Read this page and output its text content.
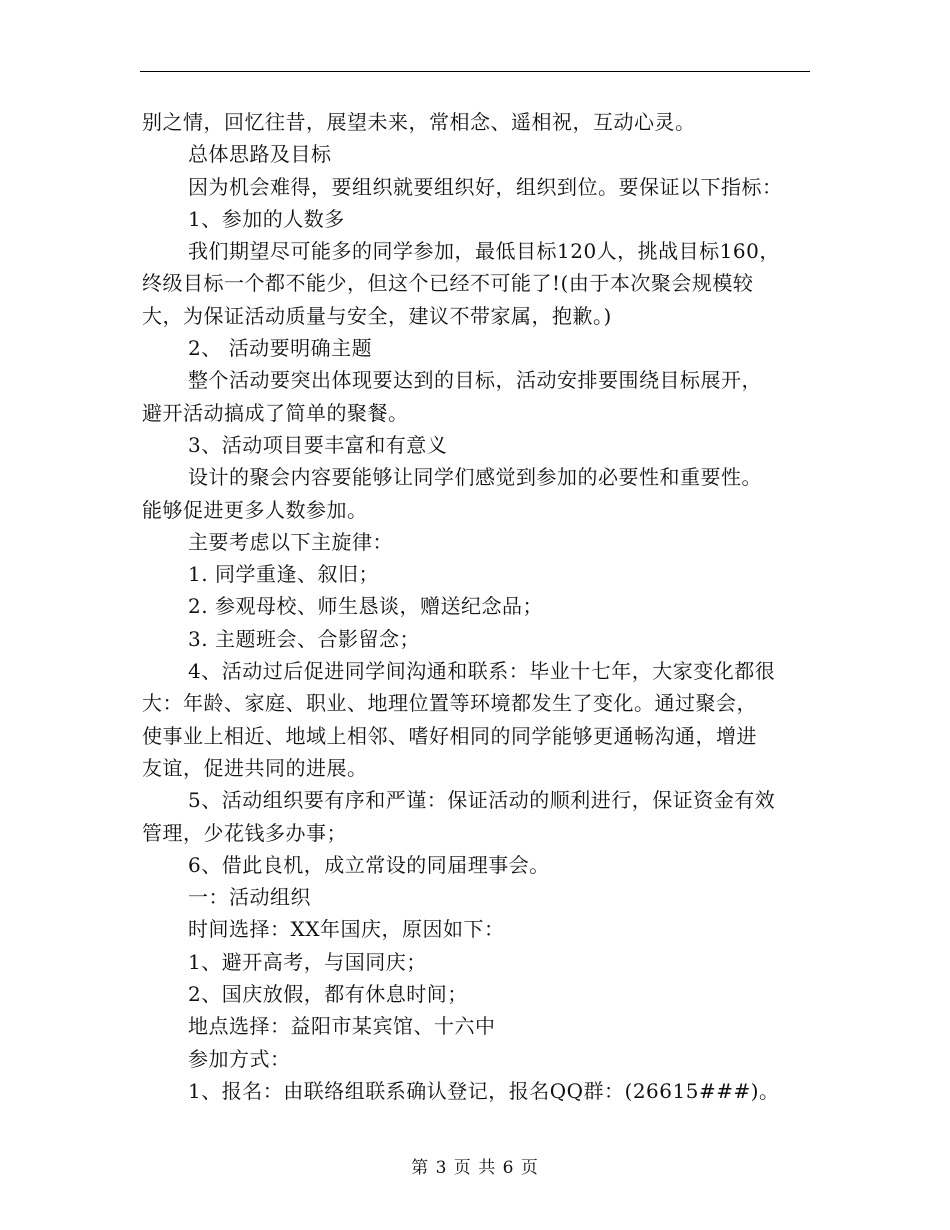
别之情，回忆往昔，展望未来，常相念、遥相祝，互动心灵。
总体思路及目标
因为机会难得，要组织就要组织好，组织到位。要保证以下指标：
1、参加的人数多
我们期望尽可能多的同学参加，最低目标120人，挑战目标160，
终级目标一个都不能少，但这个已经不可能了!(由于本次聚会规模较
大，为保证活动质量与安全，建议不带家属，抱歉。)
2、 活动要明确主题
整个活动要突出体现要达到的目标，活动安排要围绕目标展开，
避开活动搞成了简单的聚餐。
3、活动项目要丰富和有意义
设计的聚会内容要能够让同学们感觉到参加的必要性和重要性。
能够促进更多人数参加。
主要考虑以下主旋律：
1. 同学重逢、叙旧；
2. 参观母校、师生恳谈，赠送纪念品；
3. 主题班会、合影留念；
4、活动过后促进同学间沟通和联系：毕业十七年，大家变化都很
大：年龄、家庭、职业、地理位置等环境都发生了变化。通过聚会，
使事业上相近、地域上相邻、嗜好相同的同学能够更通畅沟通，增进
友谊，促进共同的进展。
5、活动组织要有序和严谨：保证活动的顺利进行，保证资金有效
管理，少花钱多办事；
6、借此良机，成立常设的同届理事会。
一：活动组织
时间选择：XX年国庆，原因如下：
1、避开高考，与国同庆；
2、国庆放假，都有休息时间；
地点选择：益阳市某宾馆、十六中
参加方式：
1、报名：由联络组联系确认登记，报名QQ群：(26615###)。
第 3 页 共 6 页
